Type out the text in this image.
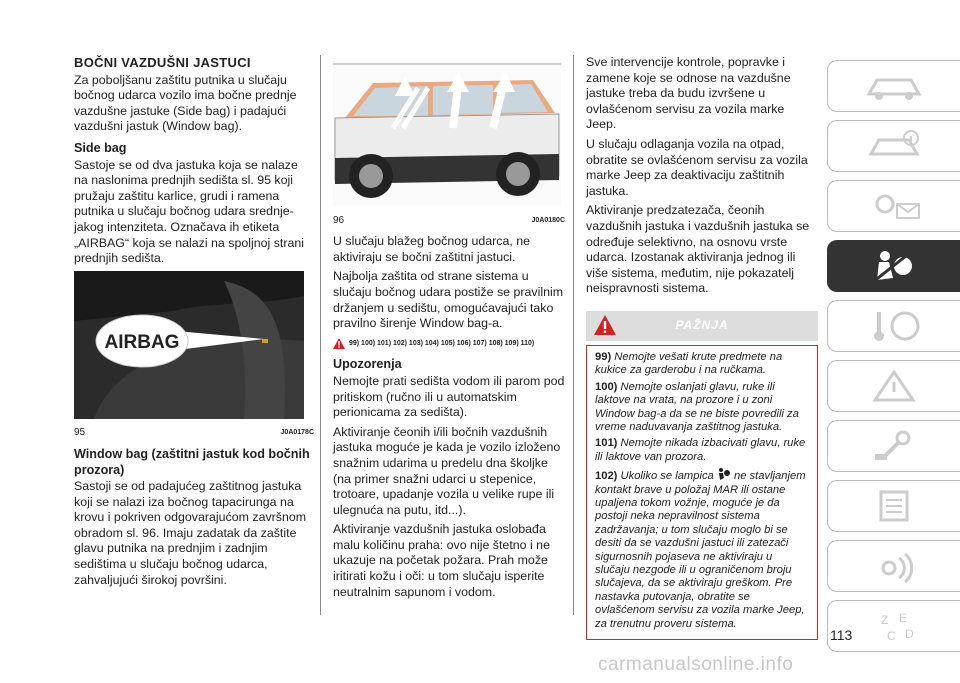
BOČNI VAZDUŠNI JASTUCI

Za poboljšanu zaštitu putnika u slučaju bočnog udarca vozilo ima bočne prednje vazdušne jastuke (Side bag) i padajući vazdušni jastuk (Window bag).

Side bag

Sastoje se od dva jastuka koja se nalaze na naslonima prednjih sedišta sl. 95 koji pružaju zaštitu karlice, grudi i ramena putnika u slučaju bočnog udara srednje-jakog intenziteta. Označava ih etiketa „AIRBAG“ koja se nalazi na spoljnoj strani prednjih sedišta.

AIRBAG
95	J0A0178C
Window bag (zaštitni jastuk kod bočnih prozora)

Sastoji se od padajućeg zaštitnog jastuka koji se nalazi iza bočnog tapacirunga na krovu i pokriven odgovarajućom završnom obradom sl. 96. Imaju zadatak da zaštite glavu putnika na prednjim i zadnjim sedištima u slučaju bočnog udarca, zahvaljujući širokoj površini.

96	J0A0180C

U slučaju blažeg bočnog udarca, ne aktiviraju se bočni zaštitni jastuci.

Najbolja zaštita od strane sistema u slučaju bočnog udara postiže se pravilnim držanjem u sedištu, omogućavajući tako pravilno širenje Window bag-a.

99) 100) 101) 102) 103) 104) 105) 106) 107) 108) 109) 110)
Upozorenja

Nemojte prati sedišta vodom ili parom pod pritiskom (ručno ili u automatskim perionicama za sedišta).

Aktiviranje čeonih i/ili bočnih vazdušnih jastuka moguće je kada je vozilo izloženo snažnim udarima u predelu dna školjke (na primer snažni udarci u stepenice, trotoare, upadanje vozila u velike rupe ili ulegnuća na putu, itd...).

Aktiviranje vazdušnih jastuka oslobađa malu količinu praha: ovo nije štetno i ne ukazuje na početak požara. Prah može iritirati kožu i oči: u tom slučaju isperite neutralnim sapunom i vodom.

Sve intervencije kontrole, popravke i zamene koje se odnose na vazdušne jastuke treba da budu izvršene u ovlašćenom servisu za vozila marke Jeep.

U slučaju odlaganja vozila na otpad, obratite se ovlašćenom servisu za vozila marke Jeep za deaktivaciju zaštitnih jastuka.

Aktiviranje predzatezača, čeonih vazdušnih jastuka i vazdušnih jastuka se određuje selektivno, na osnovu vrste udarca. Izostanak aktiviranja jednog ili više sistema, međutim, nije pokazatelj neispravnosti sistema.

PAŽNJA

99) Nemojte vešati krute predmete na kukice za garderobu i na ručkama.

100) Nemojte oslanjati glavu, ruke ili laktove na vrata, na prozore i u zoni Window bag-a da se ne biste povredili za vreme naduvavanja zaštitnog jastuka.

101) Nemojte nikada izbacivati glavu, ruke ili laktove van prozora.

102) Ukoliko se lampica ne stavljanjem kontakt brave u položaj MAR ili ostane upaljena tokom vožnje, moguće je da postoji neka nepravilnost sistema zadržavanja; u tom slučaju moglo bi se desiti da se vazdušni jastuci ili zatezači sigurnosnih pojaseva ne aktiviraju u slučaju nezgode ili u ograničenom broju slučajeva, da se aktiviraju greškom. Pre nastavka putovanja, obratite se ovlašćenom servisu za vozila marke Jeep, za trenutnu proveru sistema.	Z E
C D
113
carmanualsonline.info
